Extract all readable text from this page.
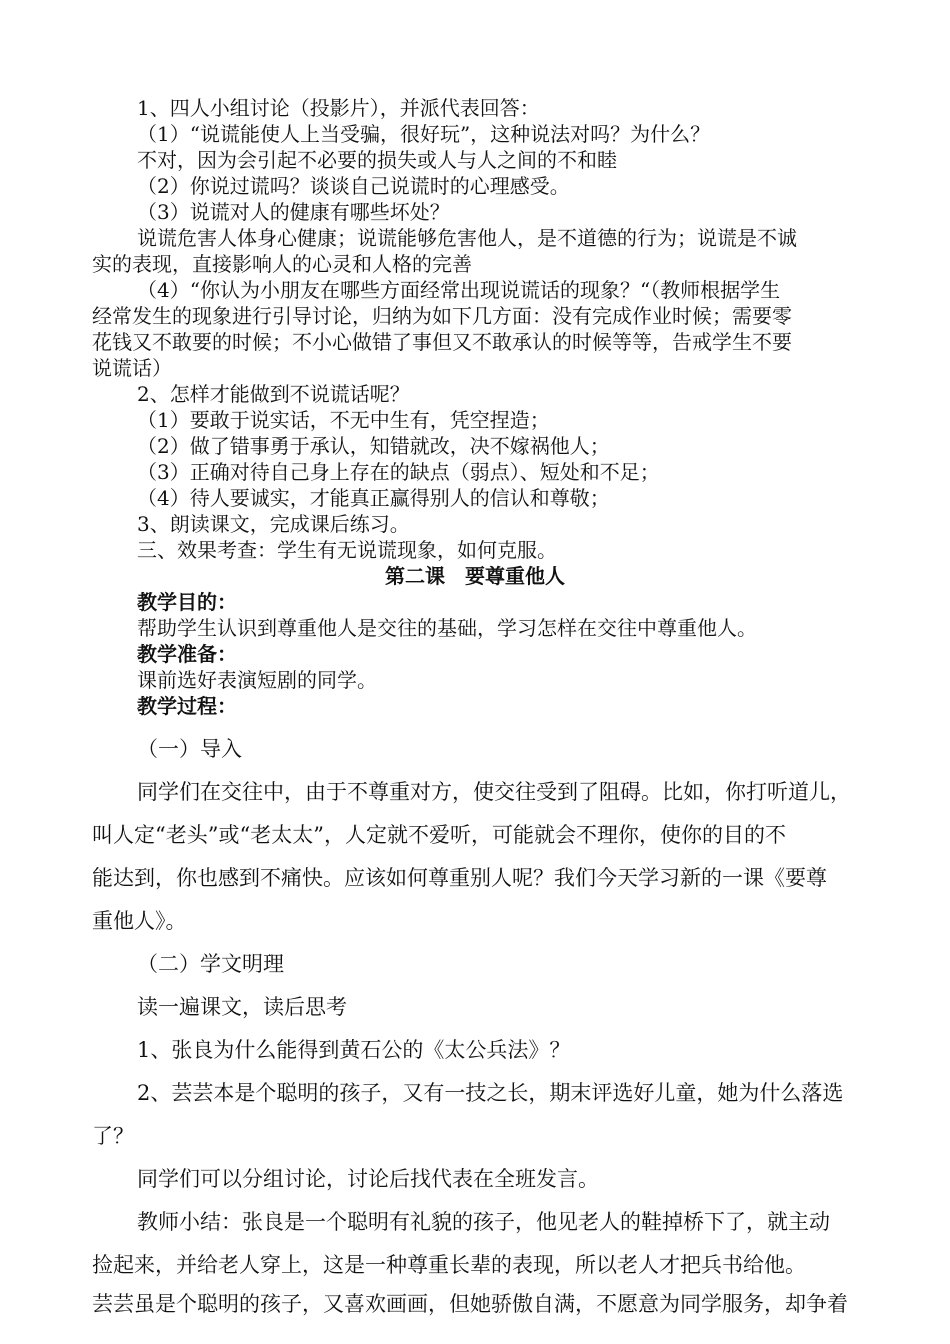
1、四人小组讨论（投影片），并派代表回答：
（1）“说谎能使人上当受骗，很好玩”，这种说法对吗？为什么？
不对，因为会引起不必要的损失或人与人之间的不和睦
（2）你说过谎吗？谈谈自己说谎时的心理感受。
（3）说谎对人的健康有哪些坏处？
说谎危害人体身心健康；说谎能够危害他人，是不道德的行为；说谎是不诚
实的表现，直接影响人的心灵和人格的完善
（4）“你认为小朋友在哪些方面经常出现说谎话的现象？“（教师根据学生
经常发生的现象进行引导讨论，归纳为如下几方面：没有完成作业时候；需要零
花钱又不敢要的时候；不小心做错了事但又不敢承认的时候等等，告戒学生不要
说谎话）
2、怎样才能做到不说谎话呢？
（1）要敢于说实话，不无中生有，凭空捏造；
（2）做了错事勇于承认，知错就改，决不嫁祸他人；
（3）正确对待自己身上存在的缺点（弱点）、短处和不足；
（4）待人要诚实，才能真正赢得别人的信认和尊敬；
3、朗读课文，完成课后练习。
三、效果考查：学生有无说谎现象，如何克服。
第二课　要尊重他人
教学目的：
帮助学生认识到尊重他人是交往的基础，学习怎样在交往中尊重他人。
教学准备：
课前选好表演短剧的同学。
教学过程：
（一）导入
同学们在交往中，由于不尊重对方，使交往受到了阻碍。比如，你打听道儿，
叫人定“老头”或“老太太”，人定就不爱听，可能就会不理你，使你的目的不
能达到，你也感到不痛快。应该如何尊重别人呢？我们今天学习新的一课《要尊
重他人》。
（二）学文明理
读一遍课文，读后思考
1、张良为什么能得到黄石公的《太公兵法》？
2、芸芸本是个聪明的孩子，又有一技之长，期末评选好儿童，她为什么落选
了？
同学们可以分组讨论，讨论后找代表在全班发言。
教师小结：张良是一个聪明有礼貌的孩子，他见老人的鞋掉桥下了，就主动
捡起来，并给老人穿上，这是一种尊重长辈的表现，所以老人才把兵书给他。
芸芸虽是个聪明的孩子，又喜欢画画，但她骄傲自满，不愿意为同学服务，却争着
